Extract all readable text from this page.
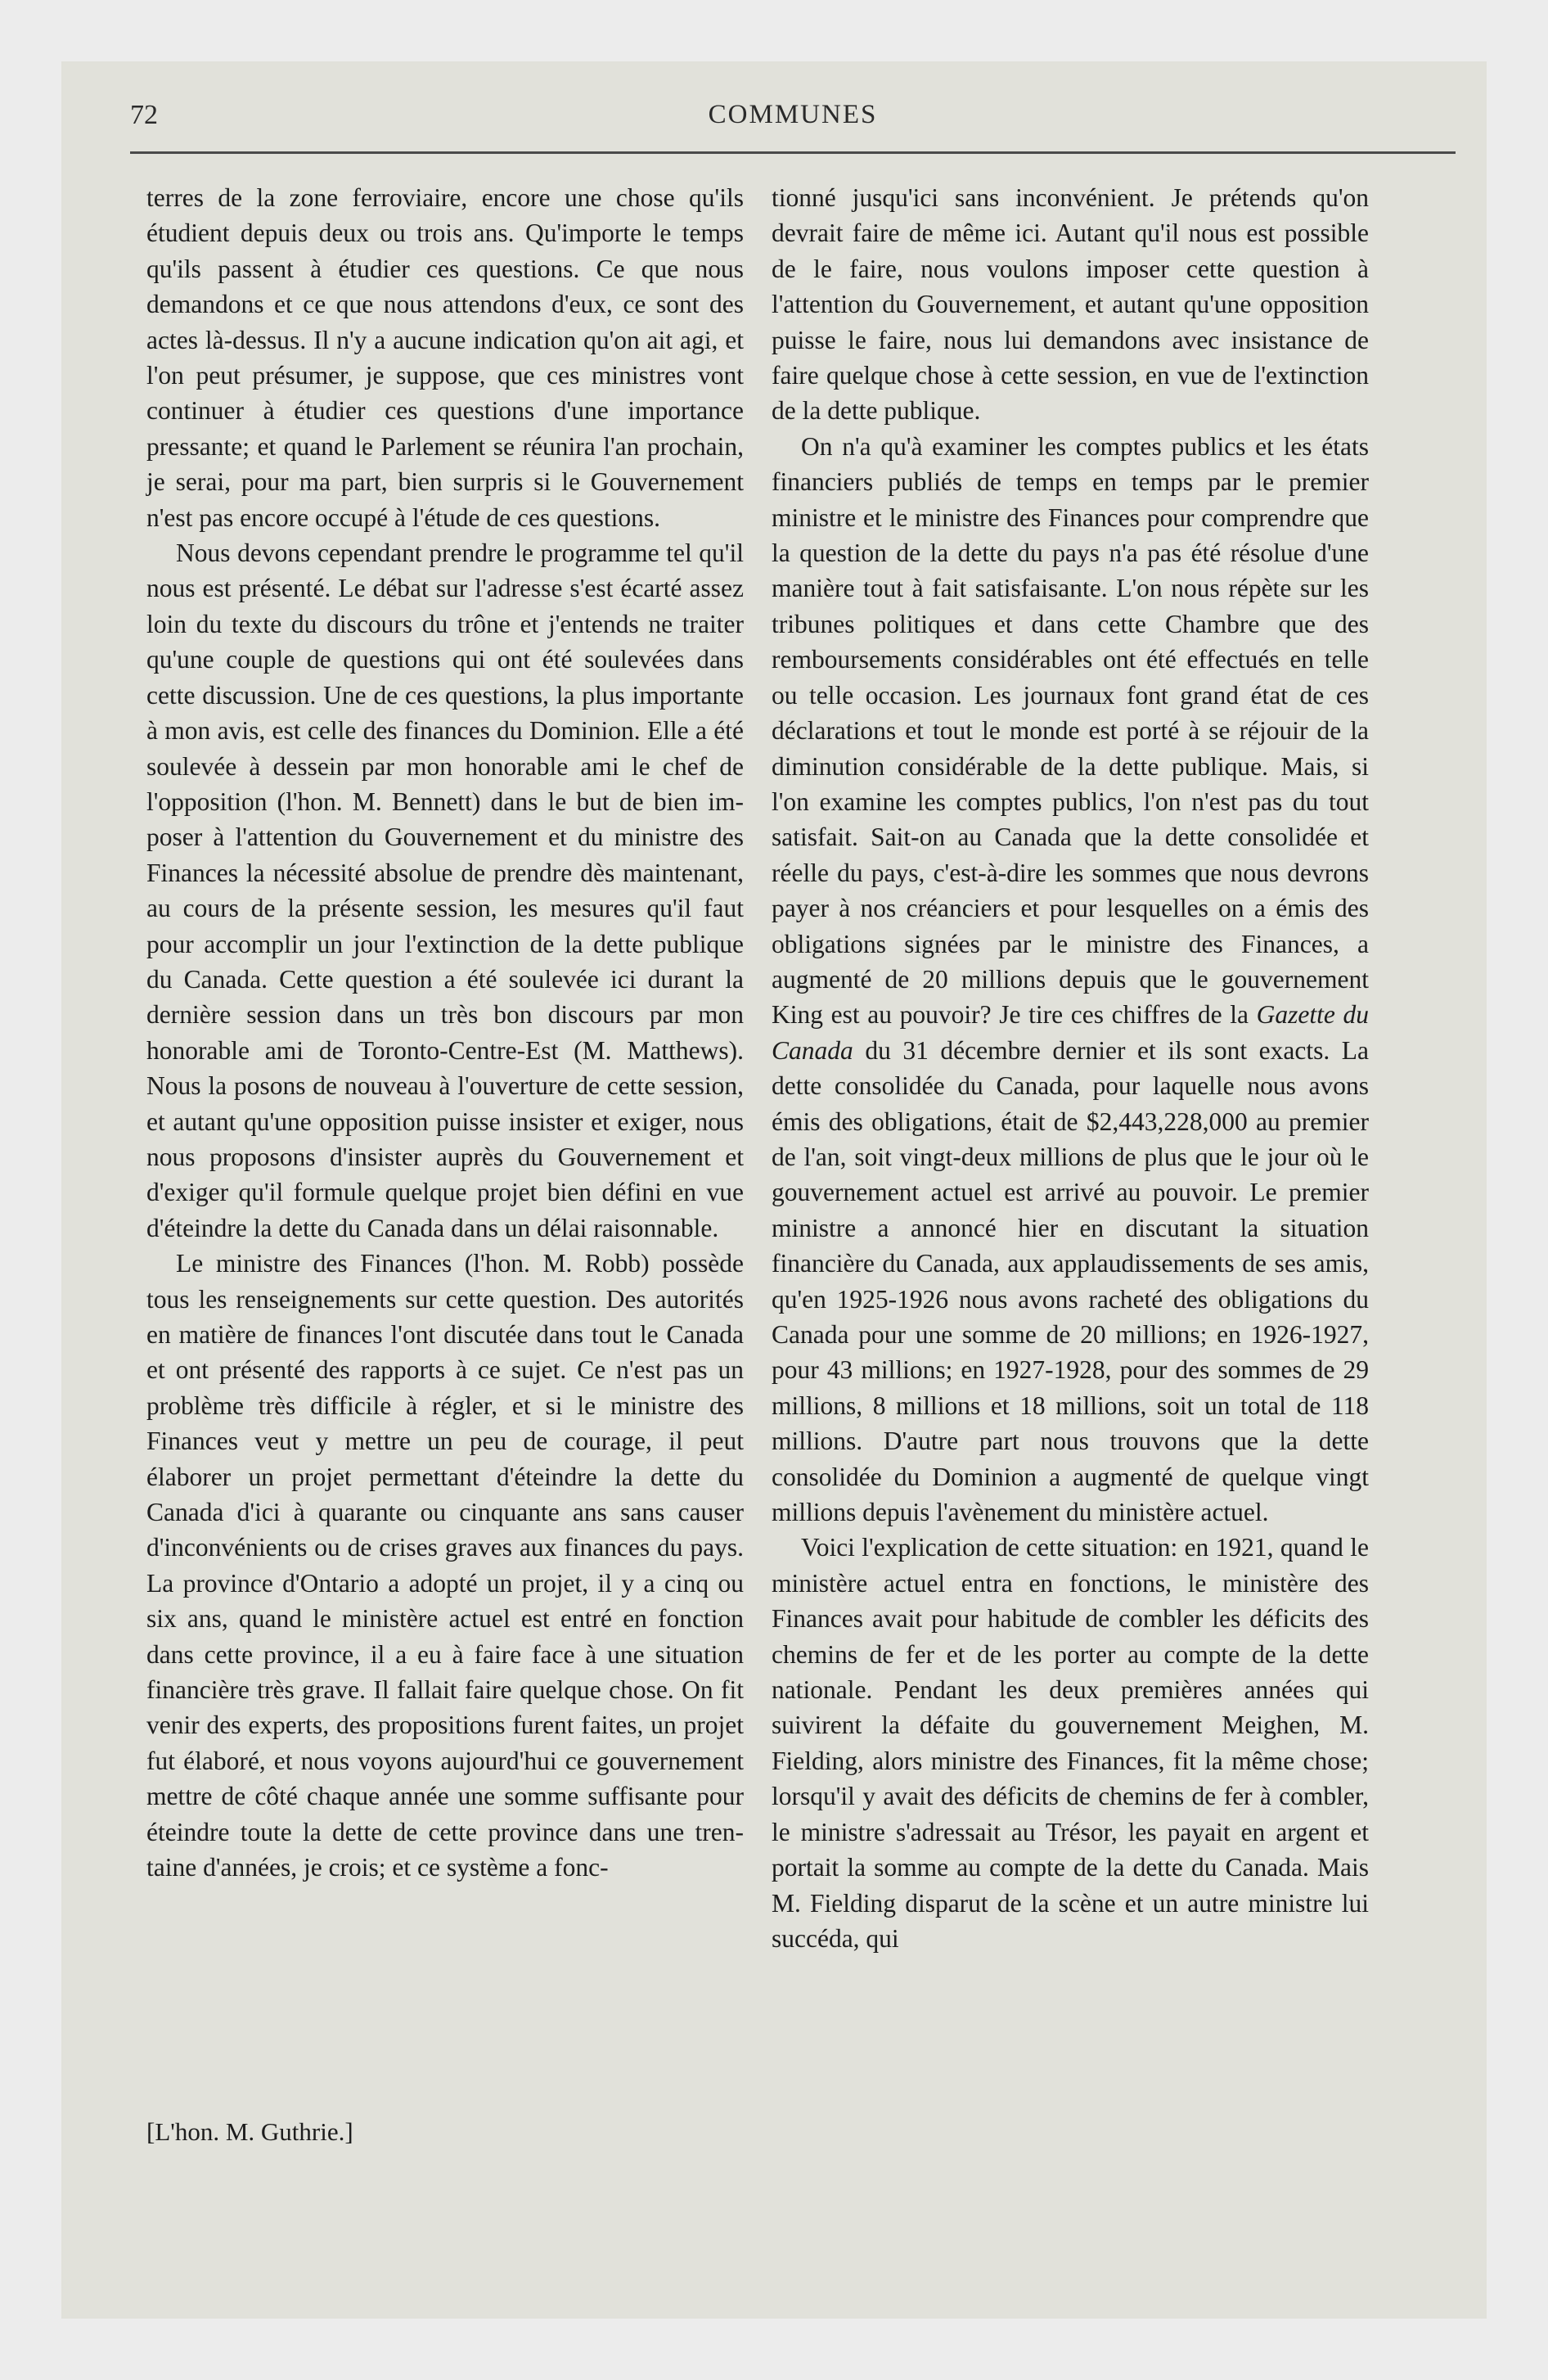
72	COMMUNES

terres de la zone ferroviaire, encore une chose qu'ils étudient depuis deux ou trois ans. Qu'importe le temps qu'ils passent à étudier ces questions. Ce que nous demandons et ce que nous attendons d'eux, ce sont des actes là-dessus. Il n'y a aucune indication qu'on ait agi, et l'on peut présumer, je suppose, que ces ministres vont continuer à étudier ces questions d'une importance pressante; et quand le Parlement se réunira l'an prochain, je serai, pour ma part, bien surpris si le Gouvernement n'est pas encore occupé à l'étude de ces questions.

Nous devons cependant prendre le programme tel qu'il nous est présenté. Le débat sur l'adresse s'est écarté assez loin du texte du discours du trône et j'entends ne traiter qu'une couple de questions qui ont été soulevées dans cette discussion. Une de ces questions, la plus importante à mon avis, est celle des finances du Dominion. Elle a été soulevée à dessein par mon honorable ami le chef de l'opposition (l'hon. M. Bennett) dans le but de bien imposer à l'attention du Gouvernement et du ministre des Finances la nécessité absolue de prendre dès maintenant, au cours de la présente session, les mesures qu'il faut pour accomplir un jour l'extinction de la dette publique du Canada. Cette question a été soulevée ici durant la dernière session dans un très bon discours par mon honorable ami de Toronto-Centre-Est (M. Matthews). Nous la posons de nouveau à l'ouverture de cette session, et autant qu'une opposition puisse insister et exiger, nous nous proposons d'insister auprès du Gouvernement et d'exiger qu'il formule quelque projet bien défini en vue d'éteindre la dette du Canada dans un délai raisonnable.

Le ministre des Finances (l'hon. M. Robb) possède tous les renseignements sur cette question. Des autorités en matière de finances l'ont discutée dans tout le Canada et ont présenté des rapports à ce sujet. Ce n'est pas un problème très difficile à régler, et si le ministre des Finances veut y mettre un peu de courage, il peut élaborer un projet permettant d'éteindre la dette du Canada d'ici à quarante ou cinquante ans sans causer d'inconvénients ou de crises graves aux finances du pays. La province d'Ontario a adopté un projet, il y a cinq ou six ans, quand le ministère actuel est entré en fonction dans cette province, il a eu à faire face à une situation financière très grave. Il fallait faire quelque chose. On fit venir des experts, des propositions furent faites, un projet fut élaboré, et nous voyons aujourd'hui ce gouvernement mettre de côté chaque année une somme suffisante pour éteindre toute la dette de cette province dans une trentaine d'années, je crois; et ce système a fonc-

tionné jusqu'ici sans inconvénient. Je prétends qu'on devrait faire de même ici. Autant qu'il nous est possible de le faire, nous voulons imposer cette question à l'attention du Gouvernement, et autant qu'une opposition puisse le faire, nous lui demandons avec insistance de faire quelque chose à cette session, en vue de l'extinction de la dette publique.

On n'a qu'à examiner les comptes publics et les états financiers publiés de temps en temps par le premier ministre et le ministre des Finances pour comprendre que la question de la dette du pays n'a pas été résolue d'une manière tout à fait satisfaisante. L'on nous répète sur les tribunes politiques et dans cette Chambre que des remboursements considérables ont été effectués en telle ou telle occasion. Les journaux font grand état de ces déclarations et tout le monde est porté à se réjouir de la diminution considérable de la dette publique. Mais, si l'on examine les comptes publics, l'on n'est pas du tout satisfait. Sait-on au Canada que la dette consolidée et réelle du pays, c'est-à-dire les sommes que nous devrons payer à nos créanciers et pour lesquelles on a émis des obligations signées par le ministre des Finances, a augmenté de 20 millions depuis que le gouvernement King est au pouvoir? Je tire ces chiffres de la Gazette du Canada du 31 décembre dernier et ils sont exacts. La dette consolidée du Canada, pour laquelle nous avons émis des obligations, était de $2,443,228,000 au premier de l'an, soit vingt-deux millions de plus que le jour où le gouvernement actuel est arrivé au pouvoir. Le premier ministre a annoncé hier en discutant la situation financière du Canada, aux applaudissements de ses amis, qu'en 1925-1926 nous avons racheté des obligations du Canada pour une somme de 20 millions; en 1926-1927, pour 43 millions; en 1927-1928, pour des sommes de 29 millions, 8 millions et 18 millions, soit un total de 118 millions. D'autre part nous trouvons que la dette consolidée du Dominion a augmenté de quelque vingt millions depuis l'avènement du ministère actuel.

Voici l'explication de cette situation: en 1921, quand le ministère actuel entra en fonctions, le ministère des Finances avait pour habitude de combler les déficits des chemins de fer et de les porter au compte de la dette nationale. Pendant les deux premières années qui suivirent la défaite du gouvernement Meighen, M. Fielding, alors ministre des Finances, fit la même chose; lorsqu'il y avait des déficits de chemins de fer à combler, le ministre s'adressait au Trésor, les payait en argent et portait la somme au compte de la dette du Canada. Mais M. Fielding disparut de la scène et un autre ministre lui succéda, qui

[L'hon. M. Guthrie.]
